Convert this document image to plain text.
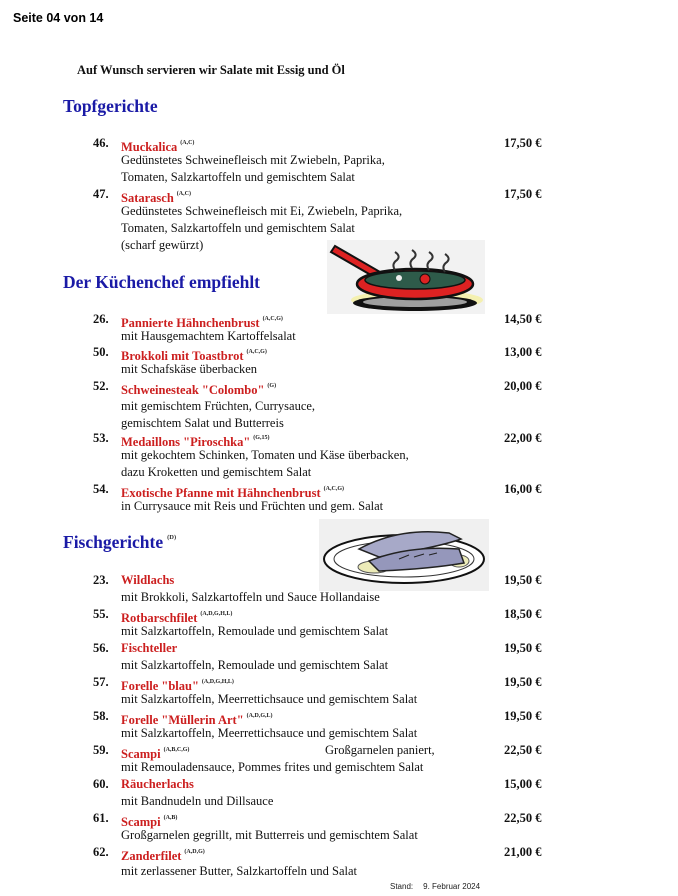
Seite 04 von 14
Auf Wunsch servieren wir Salate mit Essig und Öl
Topfgerichte
Der Küchenchef empfiehlt
Fischgerichte $^{(D)}$
46. Muckalica $^{(A,C)}$	17,50 €
Gedünstetes Schweinefleisch mit Zwiebeln, Paprika,
Tomaten, Salzkartoffeln und gemischtem Salat
47. Satarasch $^{(A,C)}$	17,50 €
Gedünstetes Schweinefleisch mit Ei, Zwiebeln, Paprika,
Tomaten, Salzkartoffeln und gemischtem Salat
(scharf gewürzt)
26. Pannierte Hähnchenbrust $^{(A,C,G)}$	14,50 €
mit Hausgemachtem Kartoffelsalat
50. Brokkoli mit Toastbrot $^{(A,C,G)}$	13,00 €
mit Schafskäse überbacken
52. Schweinesteak "Colombo" $^{(G)}$	20,00 €
mit gemischtem Früchten, Currysauce,
gemischtem Salat und Butterreis
53. Medaillons "Piroschka" $^{(G,15)}$	22,00 €
mit gekochtem Schinken, Tomaten und Käse überbacken,
dazu Kroketten und gemischtem Salat
54. Exotische Pfanne mit Hähnchenbrust $^{(A,C,G)}$	16,00 €
in Currysauce mit Reis und Früchten und gem. Salat
23. Wildlachs	19,50 €
mit Brokkoli, Salzkartoffeln und Sauce Hollandaise
55. Rotbarschfilet $^{(A,D,G,H,L)}$	18,50 €
mit Salzkartoffeln, Remoulade und gemischtem Salat
56. Fischteller	19,50 €
mit Salzkartoffeln, Remoulade und gemischtem Salat
57. Forelle "blau" $^{(A,D,G,H,L)}$	19,50 €
mit Salzkartoffeln, Meerrettichsauce und gemischtem Salat
58. Forelle "Müllerin Art" $^{(A,D,G,L)}$	19,50 €
mit Salzkartoffeln, Meerrettichsauce und gemischtem Salat
59. Scampi $^{(A,B,C,G)}$	Großgarnelen paniert,	22,50 €
mit Remouladensauce, Pommes frites und gemischtem Salat
60. Räucherlachs	15,00 €
mit Bandnudeln und Dillsauce
61. Scampi $^{(A,B)}$	22,50 €
Großgarnelen gegrillt, mit Butterreis und gemischtem Salat
62. Zanderfilet $^{(A,D,G)}$	21,00 €
mit zerlassener Butter, Salzkartoffeln und Salat
Stand: 9. Februar 2024
